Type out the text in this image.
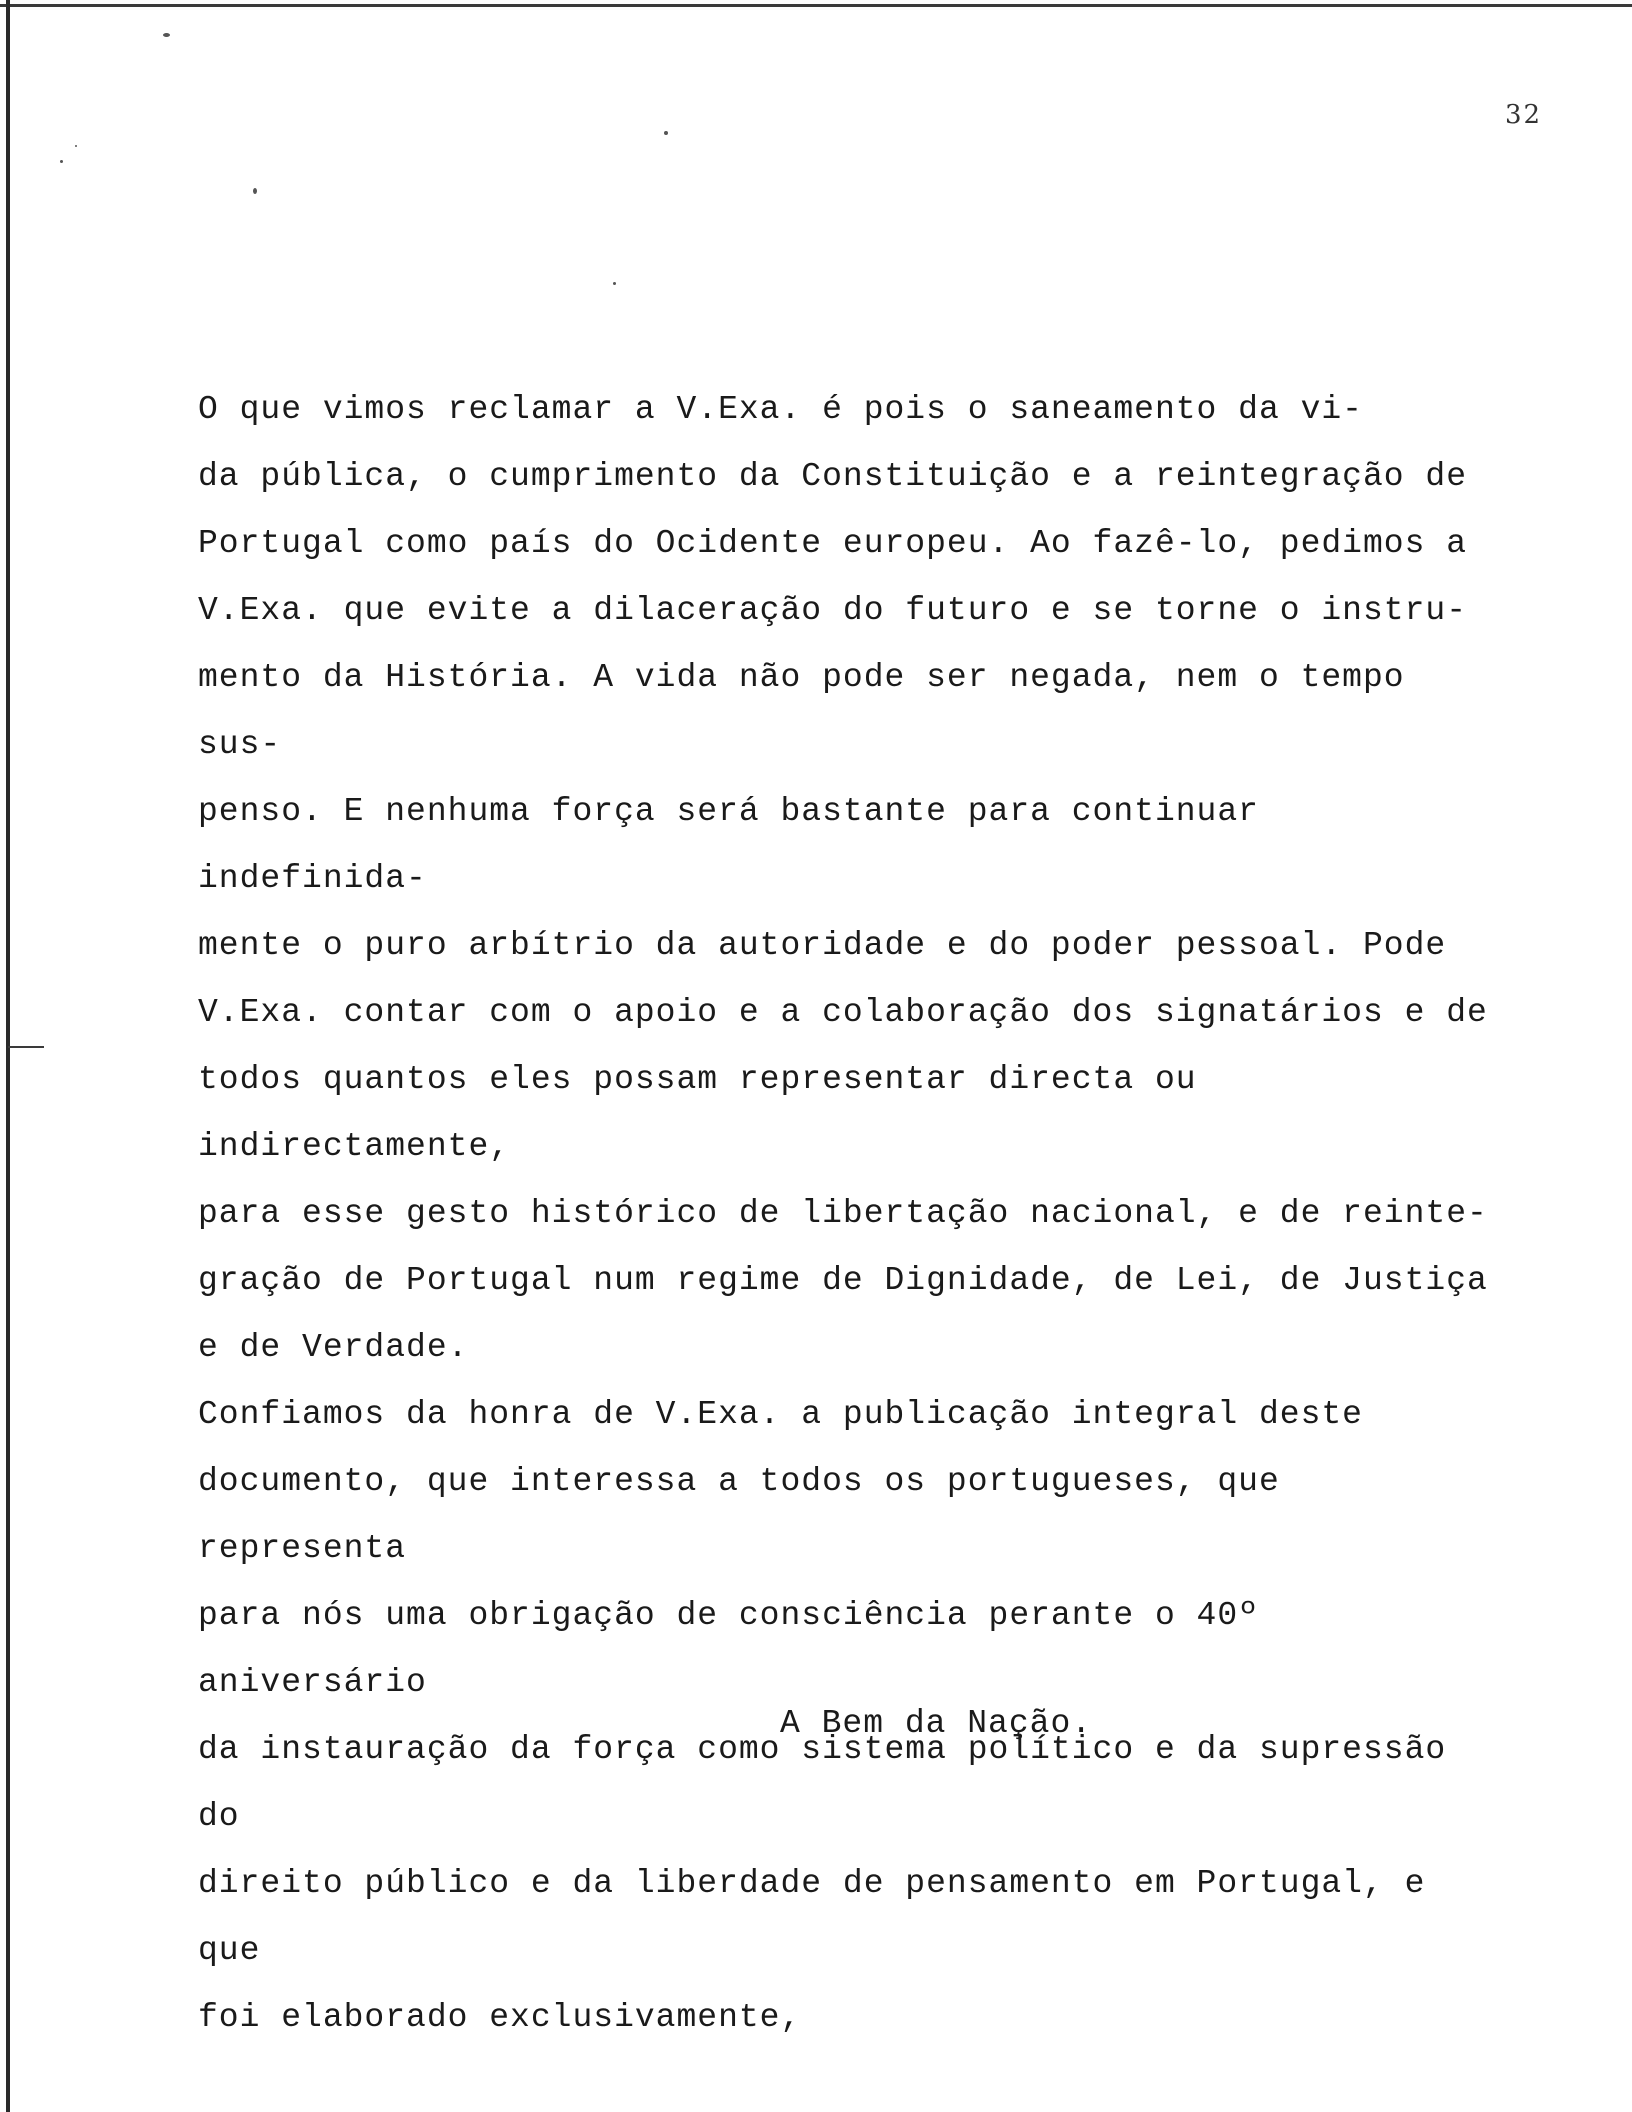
32

O que vimos reclamar a V.Exa. é pois o saneamento da vi-
da pública, o cumprimento da Constituição e a reintegração de
Portugal como país do Ocidente europeu. Ao fazê-lo, pedimos a
V.Exa. que evite a dilaceração do futuro e se torne o instru-
mento da História. A vida não pode ser negada, nem o tempo sus-
penso. E nenhuma força será bastante para continuar indefinida-
mente o puro arbítrio da autoridade e do poder pessoal. Pode
V.Exa. contar com o apoio e a colaboração dos signatários e de
todos quantos eles possam representar directa ou indirectamente,
para esse gesto histórico de libertação nacional, e de reinte-
gração de Portugal num regime de Dignidade, de Lei, de Justiça
e de Verdade.

Confiamos da honra de V.Exa. a publicação integral deste
documento, que interessa a todos os portugueses, que representa
para nós uma obrigação de consciência perante o 40º aniversário
da instauração da força como sistema político e da supressão do
direito público e da liberdade de pensamento em Portugal, e que
foi elaborado exclusivamente,

A Bem da Nação.
